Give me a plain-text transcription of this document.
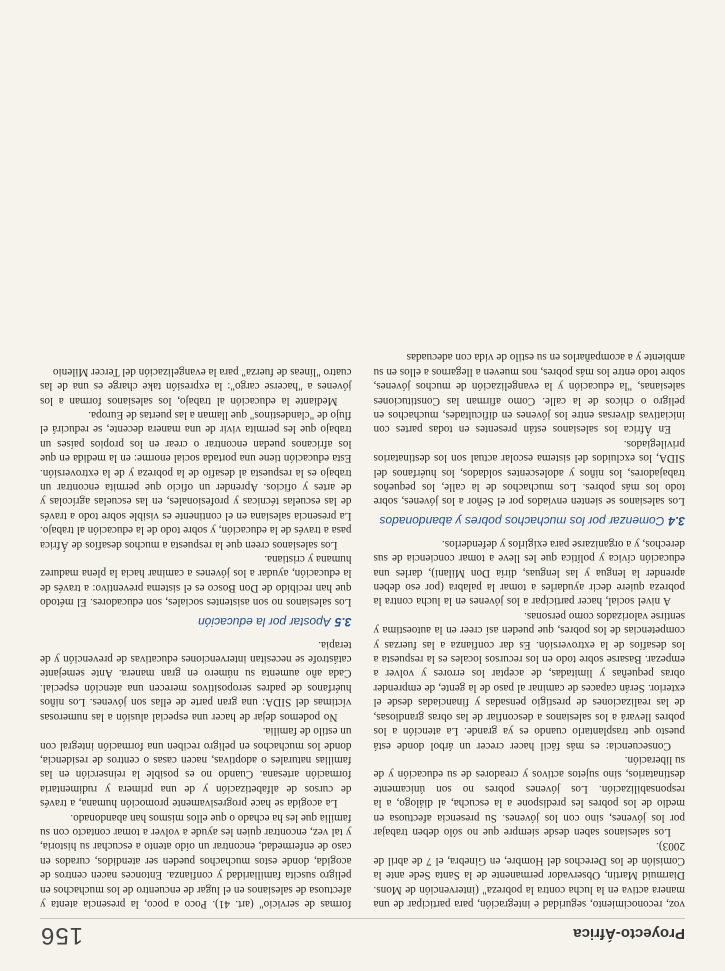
Proyecto-África
156

voz, reconocimiento, seguridad e integración, para participar de una manera activa en la lucha contra la pobreza" (intervención de Mons. Diarmuid Martin, Observador permanente de la Santa Sede ante la Comisión de los Derechos del Hombre, en Ginebra, el 7 de abril de 2003).

Los salesianos saben desde siempre que no sólo deben trabajar por los jóvenes, sino con los jóvenes. Su presencia afectuosa en medio de los pobres les predispone a la escucha, al diálogo, a la responsabilización. Los jóvenes pobres no son únicamente destinatarios, sino sujetos activos y creadores de su educación y de su liberación.

Consecuencia: es más fácil hacer crecer un árbol donde está puesto que trasplantarlo cuando es ya grande. La atención a los pobres llevará a los salesianos a desconfiar de las obras grandiosas, de las realizaciones de prestigio pensadas y financiadas desde el exterior. Serán capaces de caminar al paso de la gente, de emprender obras pequeñas y limitadas, de aceptar los errores y volver a empezar. Basarse sobre todo en los recursos locales es la respuesta a los desafíos de la extroversión. Es dar confianza a las fuerzas y competencias de los pobres, que pueden así creer en la autoestima y sentirse valorizados como personas.

A nivel social, hacer participar a los jóvenes en la lucha contra la pobreza quiere decir ayudarles a tomar la palabra (por eso deben aprender la lengua y las lenguas, diría Don Milani), darles una educación cívica y política que les lleve a tomar conciencia de sus derechos, y a organizarse para exigirlos y defenderlos.

3.4Comenzar por los muchachos pobres y abandonados

Los salesianos se sienten enviados por el Señor a los jóvenes, sobre todo los más pobres. Los muchachos de la calle, los pequeños trabajadores, los niños y adolescentes soldados, los huérfanos del SIDA, los excluidos del sistema escolar actual son los destinatarios privilegiados.

En África los salesianos están presentes en todas partes con iniciativas diversas entre los jóvenes en dificultades, muchachos en peligro o chicos de la calle. Como afirman las Constituciones salesianas, "la educación y la evangelización de muchos jóvenes, sobre todo entre los más pobres, nos mueven a llegarnos a ellos en su ambiente y a acompañarlos en su estilo de vida con adecuadas

formas de servicio" (art. 41). Poco a poco, la presencia atenta y afectuosa de salesianos en el lugar de encuentro de los muchachos en peligro suscita familiaridad y confianza. Entonces nacen centros de acogida, donde estos muchachos pueden ser atendidos, curados en caso de enfermedad, encontrar un oído atento a escuchar su historia, y tal vez, encontrar quien les ayude a volver a tomar contacto con su familia que les ha echado o que ellos mismos han abandonado.

La acogida se hace progresivamente promoción humana, a través de cursos de alfabetización y de una primera y rudimentaria formación artesana. Cuando no es posible la reinserción en las familias naturales o adoptivas, nacen casas o centros de residencia, donde los muchachos en peligro reciben una formación integral con un estilo de familia.

No podemos dejar de hacer una especial alusión a las numerosas víctimas del SIDA: una gran parte de ellas son jóvenes. Los niños huérfanos de padres seropositivos merecen una atención especial. Cada año aumenta su número en gran manera. Ante semejante catástrofe se necesitan intervenciones educativas de prevención y de terapia.

3.5Apostar por la educación

Los salesianos no son asistentes sociales, son educadores. El método que han recibido de Don Bosco es el sistema preventivo: a través de la educación, ayudar a los jóvenes a caminar hacia la plena madurez humana y cristiana.

Los salesianos creen que la respuesta a muchos desafíos de África pasa a través de la educación, y sobre todo de la educación al trabajo. La presencia salesiana en el continente es visible sobre todo a través de las escuelas técnicas y profesionales, en las escuelas agrícolas y de artes y oficios. Aprender un oficio que permita encontrar un trabajo es la respuesta al desafío de la pobreza y de la extroversión. Esta educación tiene una portada social enorme: en la medida en que los africanos puedan encontrar o crear en los propios países un trabajo que les permita vivir de una manera decente, se reducirá el flujo de "clandestinos" que llaman a las puertas de Europa.

Mediante la educación al trabajo, los salesianos forman a los jóvenes a "hacerse cargo": la expresión take charge es una de las cuatro "líneas de fuerza" para la evangelización del Tercer Milenio
